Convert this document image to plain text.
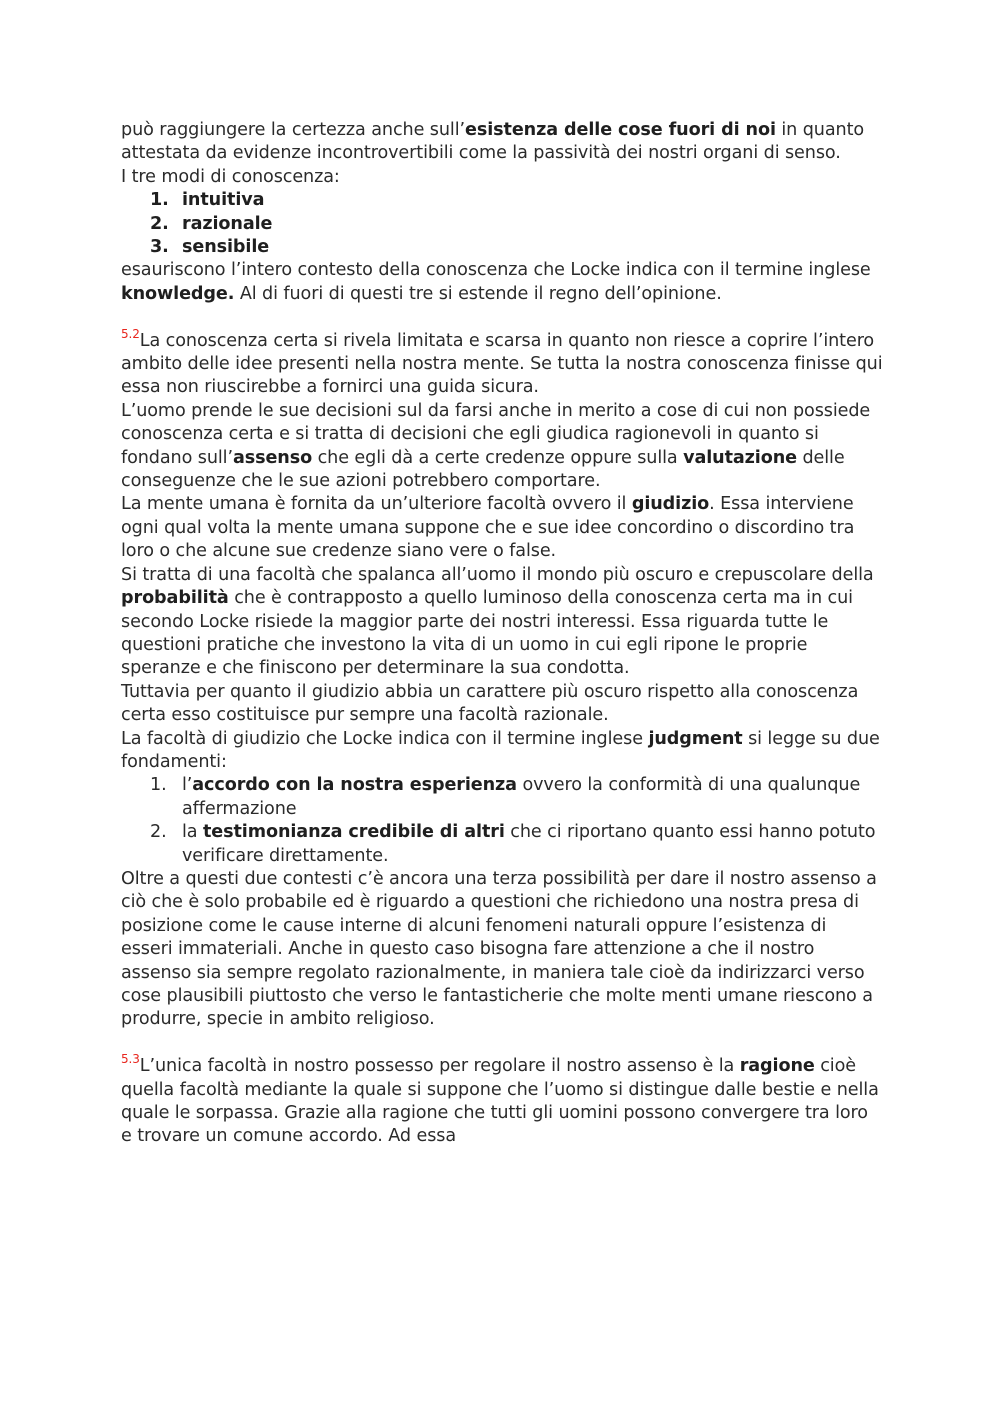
può raggiungere la certezza anche sull’esistenza delle cose fuori di noi in quanto attestata da evidenze incontrovertibili come la passività dei nostri organi di senso.

I tre modi di conoscenza:

1. intuitiva
2. razionale
3. sensibile

esauriscono l’intero contesto della conoscenza che Locke indica con il termine inglese knowledge. Al di fuori di questi tre si estende il regno dell’opinione.

$^{5.2}$La conoscenza certa si rivela limitata e scarsa in quanto non riesce a coprire l’intero ambito delle idee presenti nella nostra mente. Se tutta la nostra conoscenza finisse qui essa non riuscirebbe a fornirci una guida sicura.

L’uomo prende le sue decisioni sul da farsi anche in merito a cose di cui non possiede conoscenza certa e si tratta di decisioni che egli giudica ragionevoli in quanto si fondano sull’assenso che egli dà a certe credenze oppure sulla valutazione delle conseguenze che le sue azioni potrebbero comportare.

La mente umana è fornita da un’ulteriore facoltà ovvero il giudizio. Essa interviene ogni qual volta la mente umana suppone che e sue idee concordino o discordino tra loro o che alcune sue credenze siano vere o false.

Si tratta di una facoltà che spalanca all’uomo il mondo più oscuro e crepuscolare della probabilità che è contrapposto a quello luminoso della conoscenza certa ma in cui secondo Locke risiede la maggior parte dei nostri interessi. Essa riguarda tutte le questioni pratiche che investono la vita di un uomo in cui egli ripone le proprie speranze e che finiscono per determinare la sua condotta.

Tuttavia per quanto il giudizio abbia un carattere più oscuro rispetto alla conoscenza certa esso costituisce pur sempre una facoltà razionale.

La facoltà di giudizio che Locke indica con il termine inglese judgment si legge su due fondamenti:

1. l’accordo con la nostra esperienza ovvero la conformità di una qualunque affermazione
2. la testimonianza credibile di altri che ci riportano quanto essi hanno potuto verificare direttamente.

Oltre a questi due contesti c’è ancora una terza possibilità per dare il nostro assenso a ciò che è solo probabile ed è riguardo a questioni che richiedono una nostra presa di posizione come le cause interne di alcuni fenomeni naturali oppure l’esistenza di esseri immateriali. Anche in questo caso bisogna fare attenzione a che il nostro assenso sia sempre regolato razionalmente, in maniera tale cioè da indirizzarci verso cose plausibili piuttosto che verso le fantasticherie che molte menti umane riescono a produrre, specie in ambito religioso.

$^{5.3}$L’unica facoltà in nostro possesso per regolare il nostro assenso è la ragione cioè quella facoltà mediante la quale si suppone che l’uomo si distingue dalle bestie e nella quale le sorpassa. Grazie alla ragione che tutti gli uomini possono convergere tra loro e trovare un comune accordo. Ad essa
